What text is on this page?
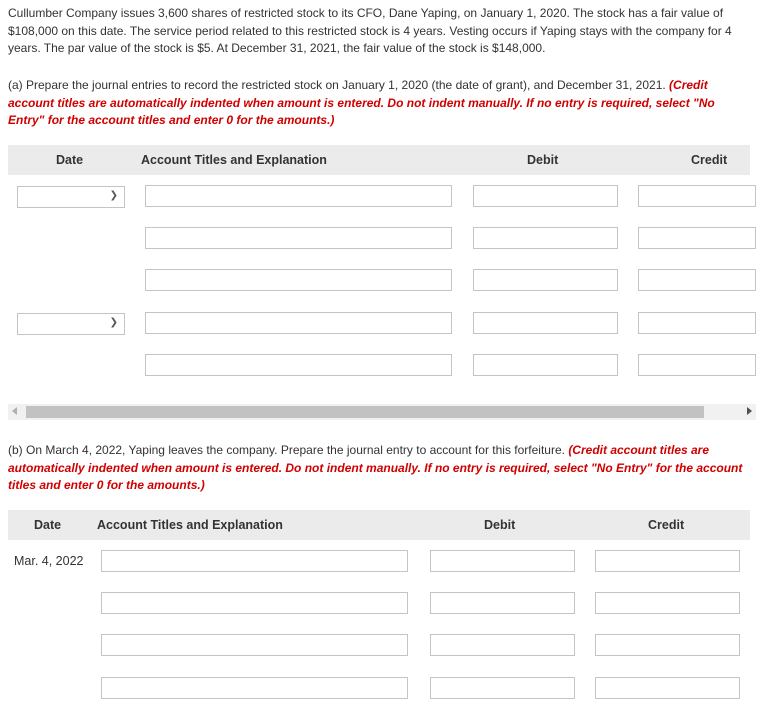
Cullumber Company issues 3,600 shares of restricted stock to its CFO, Dane Yaping, on January 1, 2020. The stock has a fair value of $108,000 on this date. The service period related to this restricted stock is 4 years. Vesting occurs if Yaping stays with the company for 4 years. The par value of the stock is $5. At December 31, 2021, the fair value of the stock is $148,000.
(a) Prepare the journal entries to record the restricted stock on January 1, 2020 (the date of grant), and December 31, 2021. (Credit account titles are automatically indented when amount is entered. Do not indent manually. If no entry is required, select "No Entry" for the account titles and enter 0 for the amounts.)
Date	Account Titles and Explanation	Debit	Credit
❯
❯
(b) On March 4, 2022, Yaping leaves the company. Prepare the journal entry to account for this forfeiture. (Credit account titles are automatically indented when amount is entered. Do not indent manually. If no entry is required, select "No Entry" for the account titles and enter 0 for the amounts.)
Date	Account Titles and Explanation	Debit	Credit
Mar. 4, 2022
